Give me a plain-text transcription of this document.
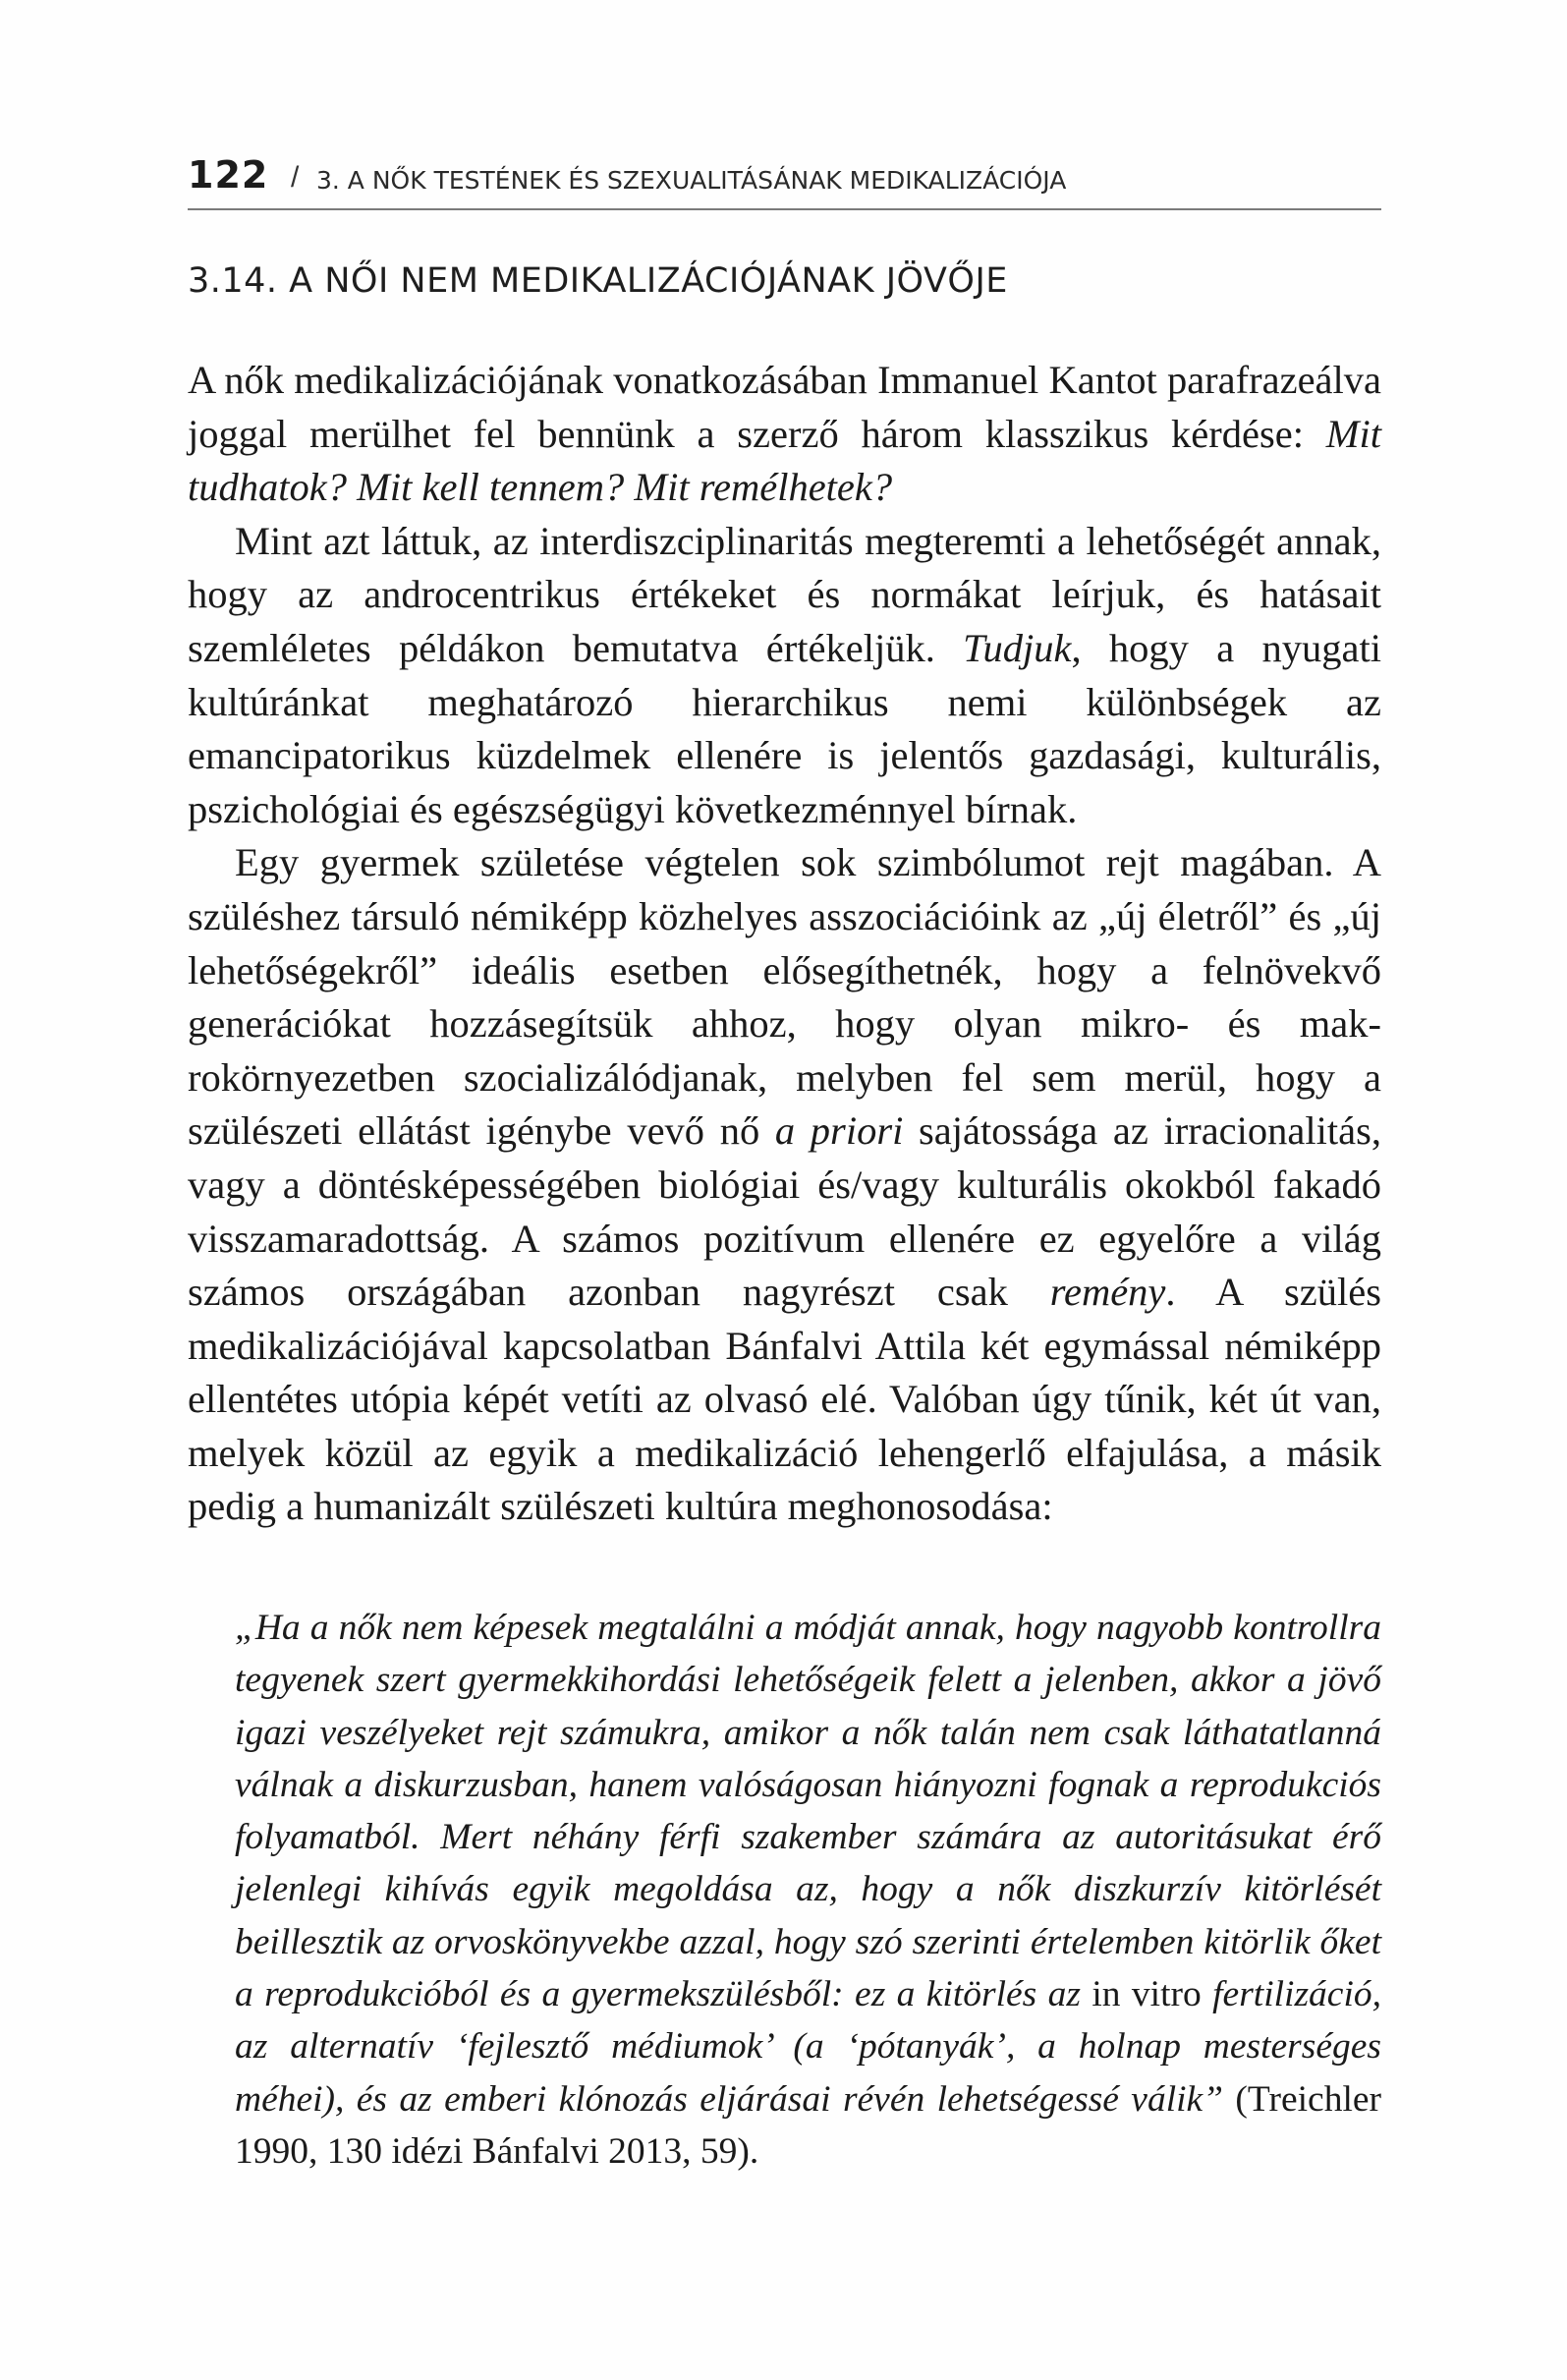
122 / 3. A NŐK TESTÉNEK ÉS SZEXUALITÁSÁNAK MEDIKALIZÁCIÓJA
3.14. A NŐI NEM MEDIKALIZÁCIÓJÁNAK JÖVŐJE

A nők medikalizációjának vonatkozásában Immanuel Kantot parafrazeálva joggal merülhet fel bennünk a szerző három klasszikus kérdése: Mit tudhatok? Mit kell tennem? Mit remélhetek?

Mint azt láttuk, az interdiszciplinaritás megteremti a lehetőségét annak, hogy az androcentrikus értékeket és normákat leírjuk, és hatásait szemléletes példákon bemutatva értékeljük. Tudjuk, hogy a nyugati kultúránkat meghatározó hierarchikus nemi különbségek az emancipatorikus küzdelmek ellenére is jelentős gazdasági, kulturális, pszichológiai és egészségügyi következménnyel bírnak.

Egy gyermek születése végtelen sok szimbólumot rejt magában. A szüléshez társuló némiképp közhelyes asszociációink az „új életről” és „új lehetőségekről” ideális esetben elősegíthetnék, hogy a felnövekvő generációkat hozzásegítsük ahhoz, hogy olyan mikro- és makrokörnyezetben szocializálódjanak, melyben fel sem merül, hogy a szülészeti ellátást igénybe vevő nő a priori sajátossága az irracionalitás, vagy a döntésképességében biológiai és/vagy kulturális okokból fakadó visszamaradottság. A számos pozitívum ellenére ez egyelőre a világ számos országában azonban nagyrészt csak remény. A szülés medikalizációjával kapcsolatban Bánfalvi Attila két egymással némiképp ellentétes utópia képét vetíti az olvasó elé. Valóban úgy tűnik, két út van, melyek közül az egyik a medikalizáció lehengerlő elfajulása, a másik pedig a humanizált szülészeti kultúra meghonosodása:

„Ha a nők nem képesek megtalálni a módját annak, hogy nagyobb kontrollra tegyenek szert gyermekkihordási lehetőségeik felett a jelenben, akkor a jövő igazi veszélyeket rejt számukra, amikor a nők talán nem csak láthatatlanná válnak a diskurzusban, hanem valóságosan hiányozni fognak a reprodukciós folyamatból. Mert néhány férfi szakember számára az autoritásukat érő jelenlegi kihívás egyik megoldása az, hogy a nők diszkurzív kitörlését beillesztik az orvoskönyvekbe azzal, hogy szó szerinti értelemben kitörlik őket a reprodukcióból és a gyermekszülésből: ez a kitörlés az in vitro fertilizáció, az alternatív ‘fejlesztő médiumok’ (a ‘pótanyák’, a holnap mesterséges méhei), és az emberi klónozás eljárásai révén lehetségessé válik” (Treichler 1990, 130 idézi Bánfalvi 2013, 59).
